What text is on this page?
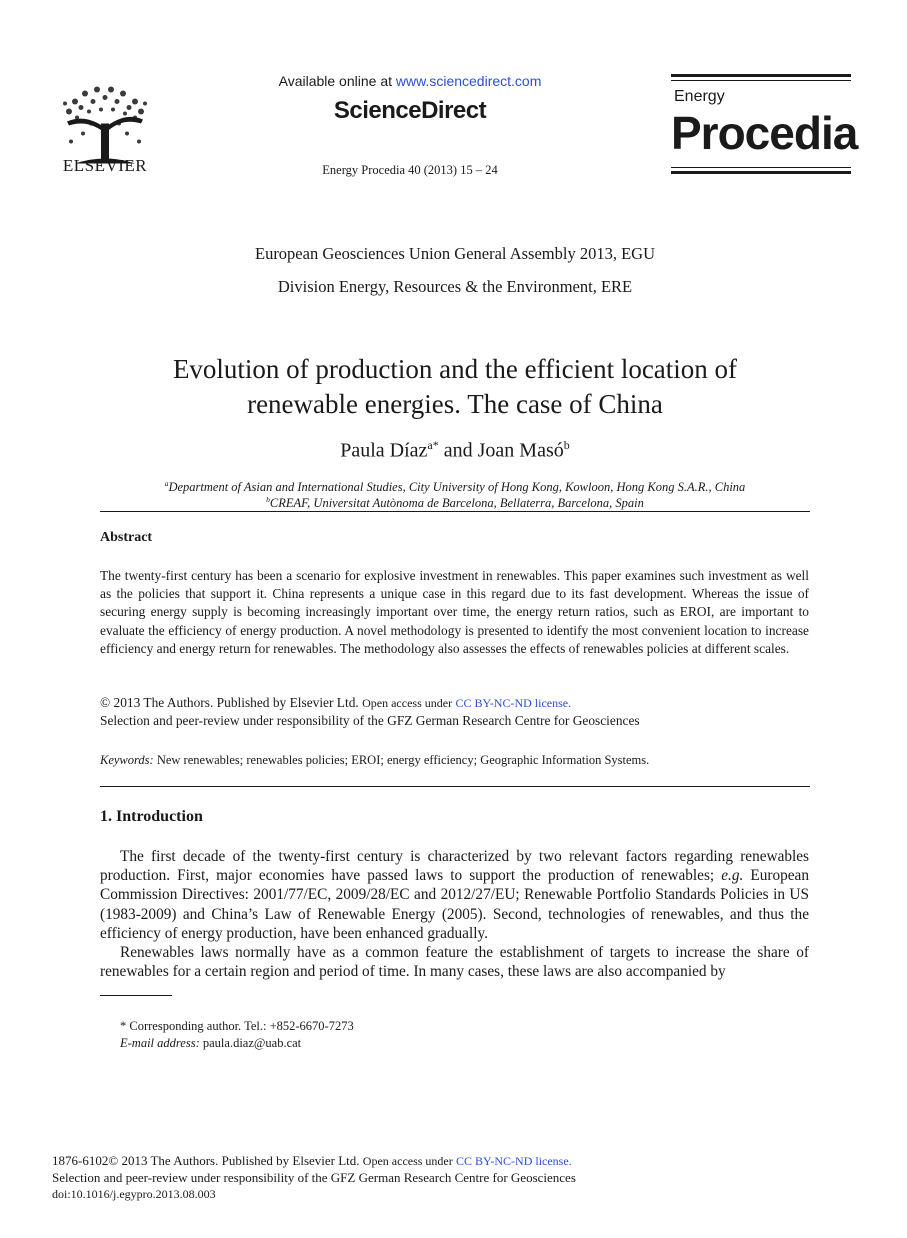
ELSEVIER
Available online at www.sciencedirect.com
ScienceDirect
Energy Procedia 40 (2013) 15 – 24
Energy
Procedia
European Geosciences Union General Assembly 2013, EGU
Division Energy, Resources & the Environment, ERE
Evolution of production and the efficient location of
renewable energies. The case of China
Paula Díaz$^{a*}$ and Joan Masó$^b$
$^a$Department of Asian and International Studies, City University of Hong Kong, Kowloon, Hong Kong S.A.R., China
$^b$CREAF, Universitat Autònoma de Barcelona, Bellaterra, Barcelona, Spain
Abstract
The twenty-first century has been a scenario for explosive investment in renewables. This paper examines such investment as well as the policies that support it. China represents a unique case in this regard due to its fast development. Whereas the issue of securing energy supply is becoming increasingly important over time, the energy return ratios, such as EROI, are important to evaluate the efficiency of energy production. A novel methodology is presented to identify the most convenient location to increase efficiency and energy return for renewables. The methodology also assesses the effects of renewables policies at different scales.
© 2013 The Authors. Published by Elsevier Ltd. Open access under CC BY-NC-ND license.
Selection and peer-review under responsibility of the GFZ German Research Centre for Geosciences
Keywords: New renewables; renewables policies; EROI; energy efficiency; Geographic Information Systems.
1. Introduction
The first decade of the twenty-first century is characterized by two relevant factors regarding renewables production. First, major economies have passed laws to support the production of renewables; e.g. European Commission Directives: 2001/77/EC, 2009/28/EC and 2012/27/EU; Renewable Portfolio Standards Policies in US (1983-2009) and China’s Law of Renewable Energy (2005). Second, technologies of renewables, and thus the efficiency of energy production, have been enhanced gradually.
Renewables laws normally have as a common feature the establishment of targets to increase the share of renewables for a certain region and period of time. In many cases, these laws are also accompanied by
* Corresponding author. Tel.: +852-6670-7273
E-mail address: paula.diaz@uab.cat
1876-6102© 2013 The Authors. Published by Elsevier Ltd. Open access under CC BY-NC-ND license.
Selection and peer-review under responsibility of the GFZ German Research Centre for Geosciences
doi:10.1016/j.egypro.2013.08.003
